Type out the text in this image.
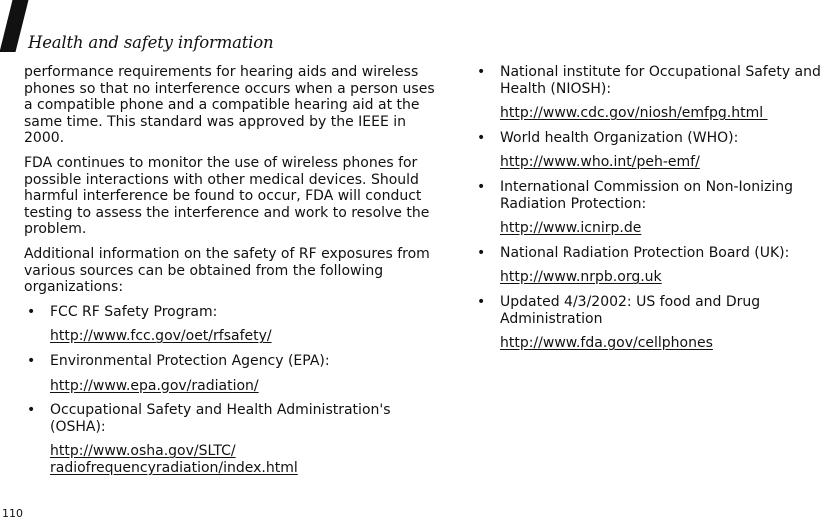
Health and safety information

performance requirements for hearing aids and wireless phones so that no interference occurs when a person uses a compatible phone and a compatible hearing aid at the same time. This standard was approved by the IEEE in 2000.

FDA continues to monitor the use of wireless phones for possible interactions with other medical devices. Should harmful interference be found to occur, FDA will conduct testing to assess the interference and work to resolve the problem.

Additional information on the safety of RF exposures from various sources can be obtained from the following organizations:

• FCC RF Safety Program:
http://www.fcc.gov/oet/rfsafety/
• Environmental Protection Agency (EPA):
http://www.epa.gov/radiation/
• Occupational Safety and Health Administration's (OSHA):
http://www.osha.gov/SLTC/
radiofrequencyradiation/index.html
• National institute for Occupational Safety and Health (NIOSH):
http://www.cdc.gov/niosh/emfpg.html
• World health Organization (WHO):
http://www.who.int/peh-emf/
• International Commission on Non-Ionizing Radiation Protection:
http://www.icnirp.de
• National Radiation Protection Board (UK):
http://www.nrpb.org.uk
• Updated 4/3/2002: US food and Drug Administration
http://www.fda.gov/cellphones
110
